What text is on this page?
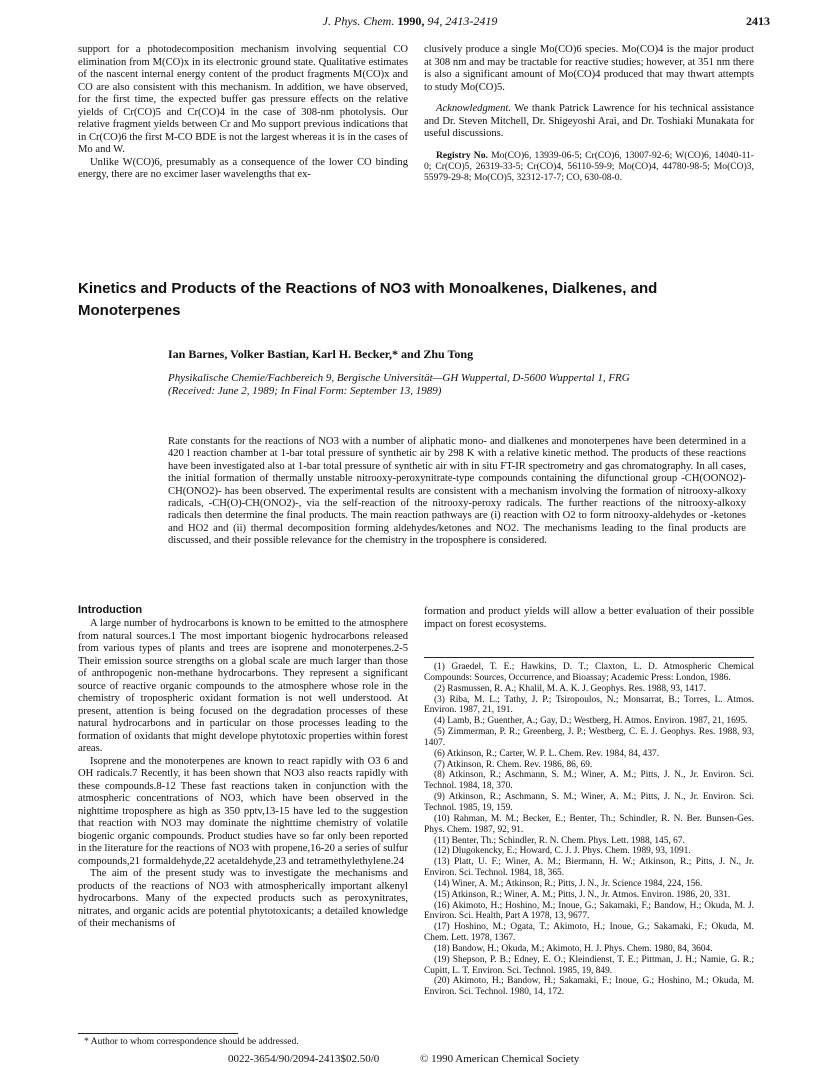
J. Phys. Chem. 1990, 94, 2413-2419	2413

support for a photodecomposition mechanism involving sequential CO elimination from M(CO)x in its electronic ground state. Qualitative estimates of the nascent internal energy content of the product fragments M(CO)x and CO are also consistent with this mechanism. In addition, we have observed, for the first time, the expected buffer gas pressure effects on the relative yields of Cr(CO)5 and Cr(CO)4 in the case of 308-nm photolysis. Our relative fragment yields between Cr and Mo support previous indications that in Cr(CO)6 the first M-CO BDE is not the largest whereas it is in the cases of Mo and W.

Unlike W(CO)6, presumably as a consequence of the lower CO binding energy, there are no excimer laser wavelengths that ex-

clusively produce a single Mo(CO)6 species. Mo(CO)4 is the major product at 308 nm and may be tractable for reactive studies; however, at 351 nm there is also a significant amount of Mo(CO)4 produced that may thwart attempts to study Mo(CO)5.

Acknowledgment. We thank Patrick Lawrence for his technical assistance and Dr. Steven Mitchell, Dr. Shigeyoshi Arai, and Dr. Toshiaki Munakata for useful discussions.

Registry No. Mo(CO)6, 13939-06-5; Cr(CO)6, 13007-92-6; W(CO)6, 14040-11-0; Cr(CO)5, 26319-33-5; Cr(CO)4, 56110-59-9; Mo(CO)4, 44780-98-5; Mo(CO)3, 55979-29-8; Mo(CO)5, 32312-17-7; CO, 630-08-0.

Kinetics and Products of the Reactions of NO3 with Monoalkenes, Dialkenes, and Monoterpenes
Ian Barnes, Volker Bastian, Karl H. Becker,* and Zhu Tong
Physikalische Chemie/Fachbereich 9, Bergische Universität—GH Wuppertal, D-5600 Wuppertal 1, FRG
(Received: June 2, 1989; In Final Form: September 13, 1989)
Rate constants for the reactions of NO3 with a number of aliphatic mono- and dialkenes and monoterpenes have been determined in a 420 l reaction chamber at 1-bar total pressure of synthetic air by 298 K with a relative kinetic method. The products of these reactions have been investigated also at 1-bar total pressure of synthetic air with in situ FT-IR spectrometry and gas chromatography. In all cases, the initial formation of thermally unstable nitrooxy-peroxynitrate-type compounds containing the difunctional group -CH(OONO2)-CH(ONO2)- has been observed. The experimental results are consistent with a mechanism involving the formation of nitrooxy-alkoxy radicals, -CH(O)-CH(ONO2)-, via the self-reaction of the nitrooxy-peroxy radicals. The further reactions of the nitrooxy-alkoxy radicals then determine the final products. The main reaction pathways are (i) reaction with O2 to form nitrooxy-aldehydes or -ketones and HO2 and (ii) thermal decomposition forming aldehydes/ketones and NO2. The mechanisms leading to the final products are discussed, and their possible relevance for the chemistry in the troposphere is considered.
Introduction

A large number of hydrocarbons is known to be emitted to the atmosphere from natural sources.1 The most important biogenic hydrocarbons released from various types of plants and trees are isoprene and monoterpenes.2-5 Their emission source strengths on a global scale are much larger than those of anthropogenic non-methane hydrocarbons. They represent a significant source of reactive organic compounds to the atmosphere whose role in the chemistry of tropospheric oxidant formation is not well understood. At present, attention is being focused on the degradation processes of these natural hydrocarbons and in particular on those processes leading to the formation of oxidants that might develope phytotoxic properties within forest areas.

Isoprene and the monoterpenes are known to react rapidly with O3 6 and OH radicals.7 Recently, it has been shown that NO3 also reacts rapidly with these compounds.8-12 These fast reactions taken in conjunction with the atmospheric concentrations of NO3, which have been observed in the nighttime troposphere as high as 350 pptv,13-15 have led to the suggestion that reaction with NO3 may dominate the nighttime chemistry of volatile biogenic organic compounds. Product studies have so far only been reported in the literature for the reactions of NO3 with propene,16-20 a series of sulfur compounds,21 formaldehyde,22 acetaldehyde,23 and tetramethylethylene.24

The aim of the present study was to investigate the mechanisms and products of the reactions of NO3 with atmospherically important alkenyl hydrocarbons. Many of the expected products such as peroxynitrates, nitrates, and organic acids are potential phytotoxicants; a detailed knowledge of their mechanisms of

formation and product yields will allow a better evaluation of their possible impact on forest ecosystems.

(1) Graedel, T. E.; Hawkins, D. T.; Claxton, L. D. Atmospheric Chemical Compounds: Sources, Occurrence, and Bioassay; Academic Press: London, 1986.

(2) Rasmussen, R. A.; Khalil, M. A. K. J. Geophys. Res. 1988, 93, 1417.

(3) Riba, M. L.; Tathy, J. P.; Tsiropoulos, N.; Monsarrat, B.; Torres, L. Atmos. Environ. 1987, 21, 191.

(4) Lamb, B.; Guenther, A.; Gay, D.; Westberg, H. Atmos. Environ. 1987, 21, 1695.

(5) Zimmerman, P. R.; Greenberg, J. P.; Westberg, C. E. J. Geophys. Res. 1988, 93, 1407.

(6) Atkinson, R.; Carter, W. P. L. Chem. Rev. 1984, 84, 437.

(7) Atkinson, R. Chem. Rev. 1986, 86, 69.

(8) Atkinson, R.; Aschmann, S. M.; Winer, A. M.; Pitts, J. N., Jr. Environ. Sci. Technol. 1984, 18, 370.

(9) Atkinson, R.; Aschmann, S. M.; Winer, A. M.; Pitts, J. N., Jr. Environ. Sci. Technol. 1985, 19, 159.

(10) Rahman, M. M.; Becker, E.; Benter, Th.; Schindler, R. N. Ber. Bunsen-Ges. Phys. Chem. 1987, 92, 91.

(11) Benter, Th.; Schindler, R. N. Chem. Phys. Lett. 1988, 145, 67.

(12) Dlugokencky, E.; Howard, C. J. J. Phys. Chem. 1989, 93, 1091.

(13) Platt, U. F.; Winer, A. M.; Biermann, H. W.; Atkinson, R.; Pitts, J. N., Jr. Environ. Sci. Technol. 1984, 18, 365.

(14) Winer, A. M.; Atkinson, R.; Pitts, J. N., Jr. Science 1984, 224, 156.

(15) Atkinson, R.; Winer, A. M.; Pitts, J. N., Jr. Atmos. Environ. 1986, 20, 331.

(16) Akimoto, H.; Hoshino, M.; Inoue, G.; Sakamaki, F.; Bandow, H.; Okuda, M. J. Environ. Sci. Health, Part A 1978, 13, 9677.

(17) Hoshino, M.; Ogata, T.; Akimoto, H.; Inoue, G.; Sakamaki, F.; Okuda, M. Chem. Lett. 1978, 1367.

(18) Bandow, H.; Okuda, M.; Akimoto, H. J. Phys. Chem. 1980, 84, 3604.

(19) Shepson, P. B.; Edney, E. O.; Kleindienst, T. E.; Pittman, J. H.; Namie, G. R.; Cupitt, L. T. Environ. Sci. Technol. 1985, 19, 849.

(20) Akimoto, H.; Bandow, H.; Sakamaki, F.; Inoue, G.; Hoshino, M.; Okuda, M. Environ. Sci. Technol. 1980, 14, 172.

* Author to whom correspondence should be addressed.
0022-3654/90/2094-2413$02.50/0	© 1990 American Chemical Society
